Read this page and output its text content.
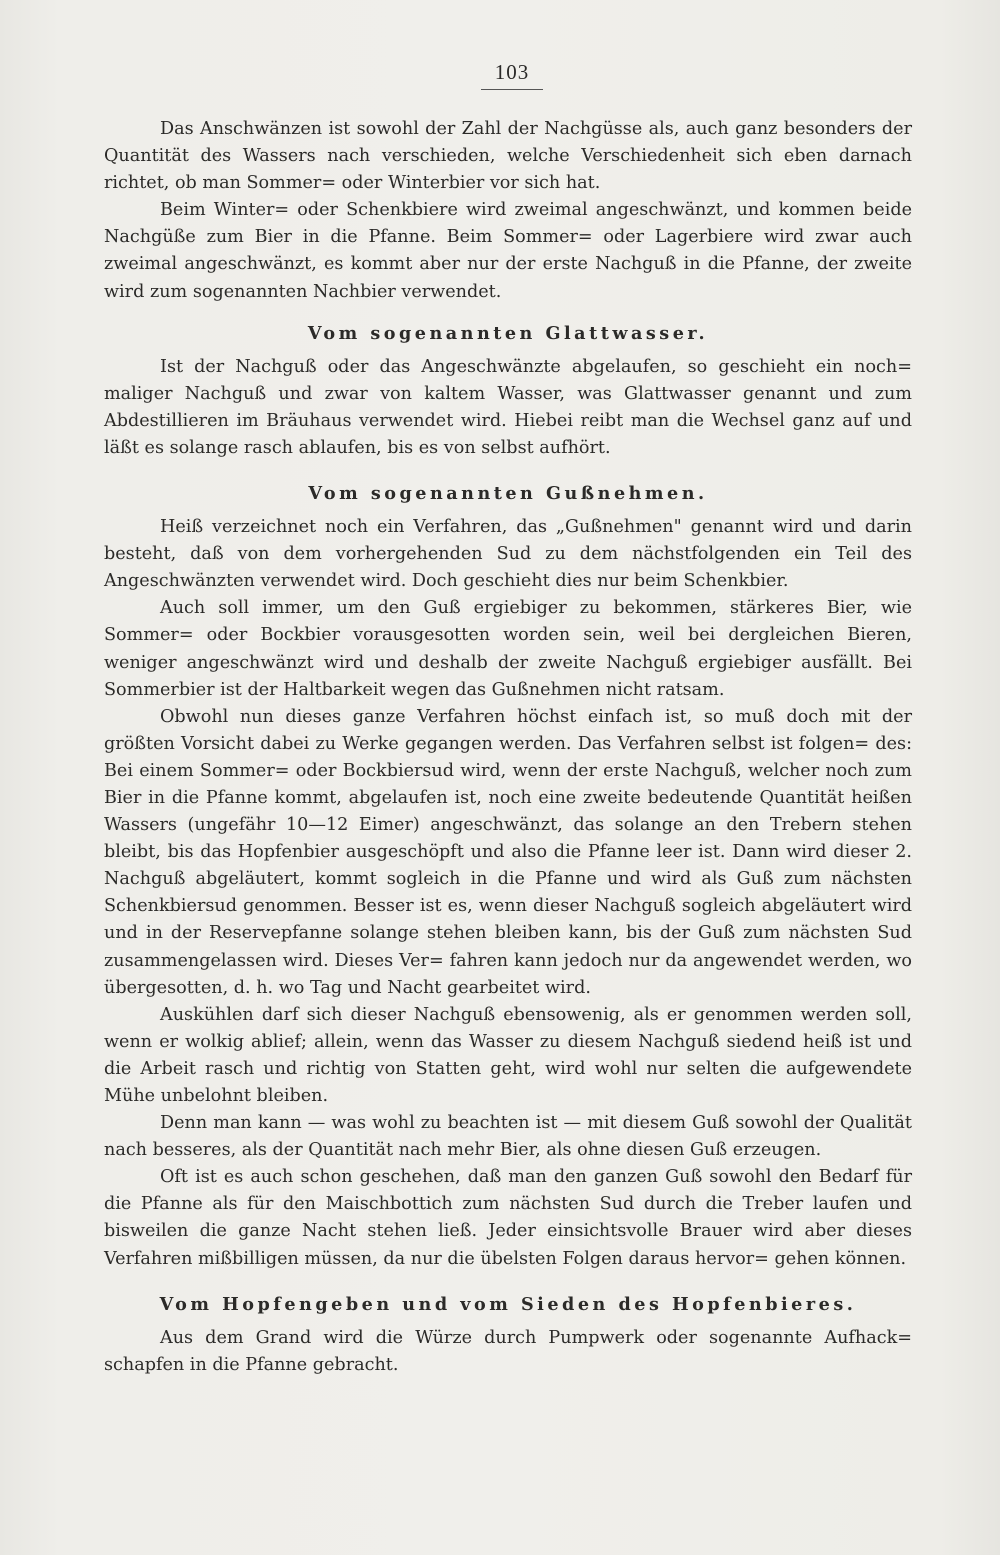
103

Das Anschwänzen ist sowohl der Zahl der Nachgüsse als, auch ganz besonders der Quantität des Wassers nach verschieden, welche Verschiedenheit sich eben darnach richtet, ob man Sommer= oder Winterbier vor sich hat.

Beim Winter= oder Schenkbiere wird zweimal angeschwänzt, und kommen beide Nachgüße zum Bier in die Pfanne. Beim Sommer= oder Lagerbiere wird zwar auch zweimal angeschwänzt, es kommt aber nur der erste Nachguß in die Pfanne, der zweite wird zum sogenannten Nachbier verwendet.

Vom sogenannten Glattwasser.

Ist der Nachguß oder das Angeschwänzte abgelaufen, so geschieht ein noch= maliger Nachguß und zwar von kaltem Wasser, was Glattwasser genannt und zum Abdestillieren im Bräuhaus verwendet wird. Hiebei reibt man die Wechsel ganz auf und läßt es solange rasch ablaufen, bis es von selbst aufhört.

Vom sogenannten Gußnehmen.

Heiß verzeichnet noch ein Verfahren, das „Gußnehmen" genannt wird und darin besteht, daß von dem vorhergehenden Sud zu dem nächstfolgenden ein Teil des Angeschwänzten verwendet wird. Doch geschieht dies nur beim Schenkbier.

Auch soll immer, um den Guß ergiebiger zu bekommen, stärkeres Bier, wie Sommer= oder Bockbier vorausgesotten worden sein, weil bei dergleichen Bieren, weniger angeschwänzt wird und deshalb der zweite Nachguß ergiebiger ausfällt. Bei Sommerbier ist der Haltbarkeit wegen das Gußnehmen nicht ratsam.

Obwohl nun dieses ganze Verfahren höchst einfach ist, so muß doch mit der größten Vorsicht dabei zu Werke gegangen werden. Das Verfahren selbst ist folgen= des: Bei einem Sommer= oder Bockbiersud wird, wenn der erste Nachguß, welcher noch zum Bier in die Pfanne kommt, abgelaufen ist, noch eine zweite bedeutende Quantität heißen Wassers (ungefähr 10—12 Eimer) angeschwänzt, das solange an den Trebern stehen bleibt, bis das Hopfenbier ausgeschöpft und also die Pfanne leer ist. Dann wird dieser 2. Nachguß abgeläutert, kommt sogleich in die Pfanne und wird als Guß zum nächsten Schenkbiersud genommen. Besser ist es, wenn dieser Nachguß sogleich abgeläutert wird und in der Reservepfanne solange stehen bleiben kann, bis der Guß zum nächsten Sud zusammengelassen wird. Dieses Ver= fahren kann jedoch nur da angewendet werden, wo übergesotten, d. h. wo Tag und Nacht gearbeitet wird.

Auskühlen darf sich dieser Nachguß ebensowenig, als er genommen werden soll, wenn er wolkig ablief; allein, wenn das Wasser zu diesem Nachguß siedend heiß ist und die Arbeit rasch und richtig von Statten geht, wird wohl nur selten die aufgewendete Mühe unbelohnt bleiben.

Denn man kann — was wohl zu beachten ist — mit diesem Guß sowohl der Qualität nach besseres, als der Quantität nach mehr Bier, als ohne diesen Guß erzeugen.

Oft ist es auch schon geschehen, daß man den ganzen Guß sowohl den Bedarf für die Pfanne als für den Maischbottich zum nächsten Sud durch die Treber laufen und bisweilen die ganze Nacht stehen ließ. Jeder einsichtsvolle Brauer wird aber dieses Verfahren mißbilligen müssen, da nur die übelsten Folgen daraus hervor= gehen können.

Vom Hopfengeben und vom Sieden des Hopfenbieres.

Aus dem Grand wird die Würze durch Pumpwerk oder sogenannte Aufhack= schapfen in die Pfanne gebracht.
